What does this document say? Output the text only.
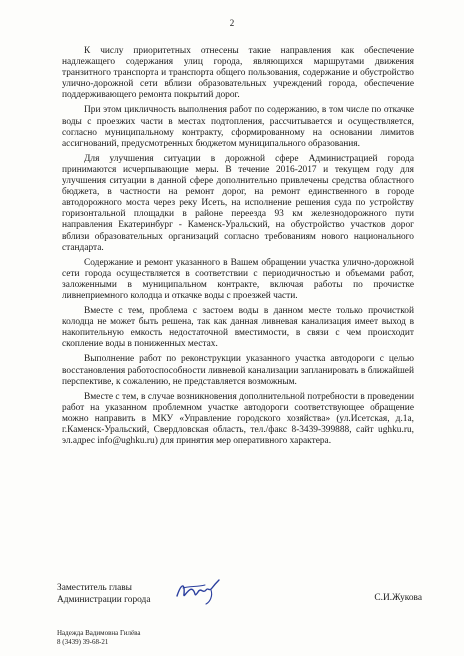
2

К числу приоритетных отнесены такие направления как обеспечение надлежащего содержания улиц города, являющихся маршрутами движения транзитного транспорта и транспорта общего пользования, содержание и обустройство улично-дорожной сети вблизи образовательных учреждений города, обеспечение поддерживающего ремонта покрытий дорог.

При этом цикличность выполнения работ по содержанию, в том числе по откачке воды с проезжих части в местах подтопления, рассчитывается и осуществляется, согласно муниципальному контракту, сформированному на основании лимитов ассигнований, предусмотренных бюджетом муниципального образования.

Для улучшения ситуации в дорожной сфере Администрацией города принимаются исчерпывающие меры. В течение 2016-2017 и текущем году для улучшения ситуации в данной сфере дополнительно привлечены средства областного бюджета, в частности на ремонт дорог, на ремонт единственного в городе автодорожного моста через реку Исеть, на исполнение решения суда по устройству горизонтальной площадки в районе переезда 93 км железнодорожного пути направления Екатеринбург - Каменск-Уральский, на обустройство участков дорог вблизи образовательных организаций согласно требованиям нового национального стандарта.

Содержание и ремонт указанного в Вашем обращении участка улично-дорожной сети города осуществляется в соответствии с периодичностью и объемами работ, заложенными в муниципальном контракте, включая работы по прочистке ливнеприемного колодца и откачке воды с проезжей части.

Вместе с тем, проблема с застоем воды в данном месте только прочисткой колодца не может быть решена, так как данная ливневая канализация имеет выход в накопительную емкость недостаточной вместимости, в связи с чем происходит скопление воды в пониженных местах.

Выполнение работ по реконструкции указанного участка автодороги с целью восстановления работоспособности ливневой канализации запланировать в ближайшей перспективе, к сожалению, не представляется возможным.

Вместе с тем, в случае возникновения дополнительной потребности в проведении работ на указанном проблемном участке автодороги соответствующее обращение можно направить в МКУ «Управление городского хозяйства» (ул.Исетская, д.1а, г.Каменск-Уральский, Свердловская область, тел./факс 8-3439-399888, сайт ughku.ru, эл.адрес info@ughku.ru) для принятия мер оперативного характера.

Заместитель главы
Администрации города	С.И.Жукова
Надежда Вадимовна Гилёва
8 (3439) 39-68-21
